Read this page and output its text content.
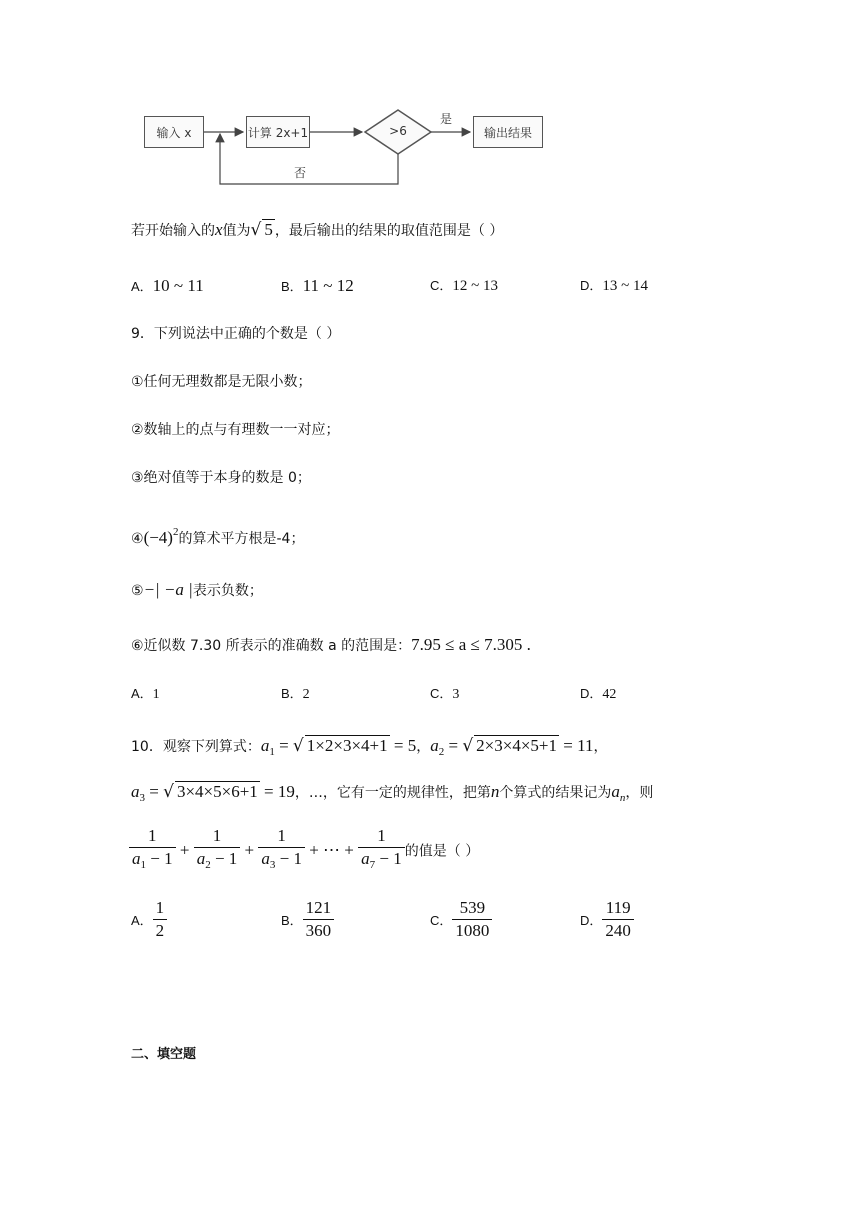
输入 x	计算 2x+1	>6	输出结果
是
否
若开始输入的x值为√ 5 ，最后输出的结果的取值范围是（ ）
A．10 ~ 11	B．11 ~ 12	C．12 ~ 13	D．13 ~ 14
9．下列说法中正确的个数是（ ）
①任何无理数都是无限小数；
②数轴上的点与有理数一一对应；
③绝对值等于本身的数是 0；
$④(-4)^2$的算术平方根是-4；
⑤−| −a |表示负数；
⑥近似数 7.30 所表示的准确数 a 的范围是：7.95 ≤ a ≤ 7.305 .
A．1	B．2	C．3	D．42
10．观察下列算式：$a_1$ = √ 1×2×3×4+1 = 5，$a_2$ = √ 2×3×4×5+1 = 11，
$a_3$ = √ 3×4×5×6+1 = 19，…，它有一定的规律性，把第n个算式的结果记为$a_n$，则
$\frac{1}{a_1 - 1} + \frac{1}{a_2 - 1} + \frac{1}{a_3 - 1}$ + ⋯ + $\frac{1}{a_7 - 1}$ 的值是（ ）
A． $\frac{1}{2}$	B． $\frac{121}{360}$	C． $\frac{539}{1080}$	D． $\frac{119}{240}$
二、填空题
